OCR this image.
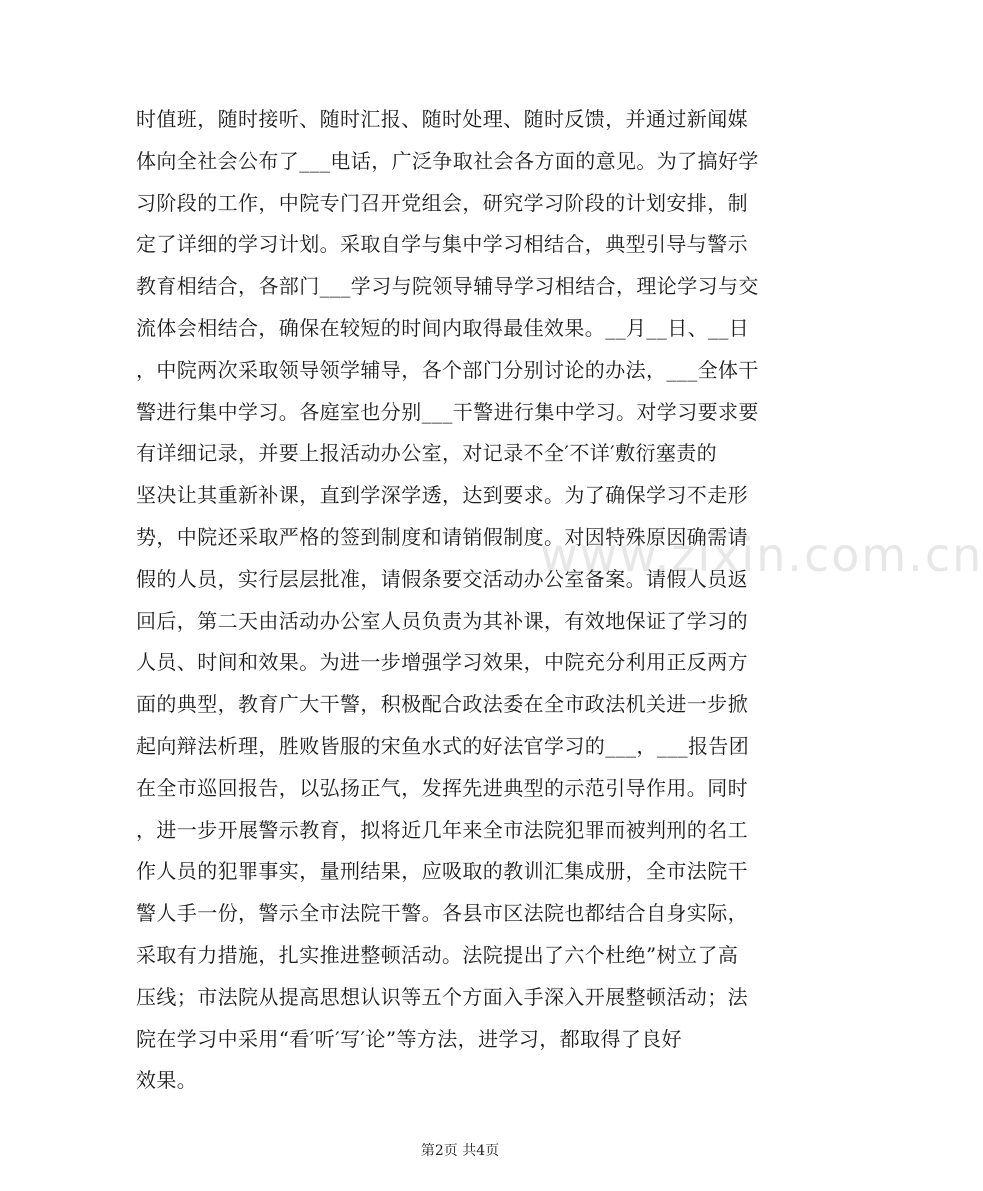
时值班，随时接听、随时汇报、随时处理、随时反馈，并通过新闻媒
体向全社会公布了___电话，广泛争取社会各方面的意见。为了搞好学
习阶段的工作，中院专门召开党组会，研究学习阶段的计划安排，制
定了详细的学习计划。采取自学与集中学习相结合，典型引导与警示
教育相结合，各部门___学习与院领导辅导学习相结合，理论学习与交
流体会相结合，确保在较短的时间内取得最佳效果。__月__日、__日
，中院两次采取领导领学辅导，各个部门分别讨论的办法，___全体干
警进行集中学习。各庭室也分别___干警进行集中学习。对学习要求要
有详细记录，并要上报活动办公室，对记录不全′不详′敷衍塞责的
坚决让其重新补课，直到学深学透，达到要求。为了确保学习不走形
势，中院还采取严格的签到制度和请销假制度。对因特殊原因确需请
假的人员，实行层层批准，请假条要交活动办公室备案。请假人员返
回后，第二天由活动办公室人员负责为其补课，有效地保证了学习的
人员、时间和效果。为进一步增强学习效果，中院充分利用正反两方
面的典型，教育广大干警，积极配合政法委在全市政法机关进一步掀
起向辩法析理，胜败皆服的宋鱼水式的好法官学习的___，___报告团
在全市巡回报告，以弘扬正气，发挥先进典型的示范引导作用。同时
，进一步开展警示教育，拟将近几年来全市法院犯罪而被判刑的名工
作人员的犯罪事实，量刑结果，应吸取的教训汇集成册，全市法院干
警人手一份，警示全市法院干警。各县市区法院也都结合自身实际，
采取有力措施，扎实推进整顿活动。法院提出了六个杜绝”树立了高
压线；市法院从提高思想认识等五个方面入手深入开展整顿活动；法
院在学习中采用“看′听′写′论”等方法，进学习，都取得了良好
效果。
www.zixin.com.cn
第2页 共4页
